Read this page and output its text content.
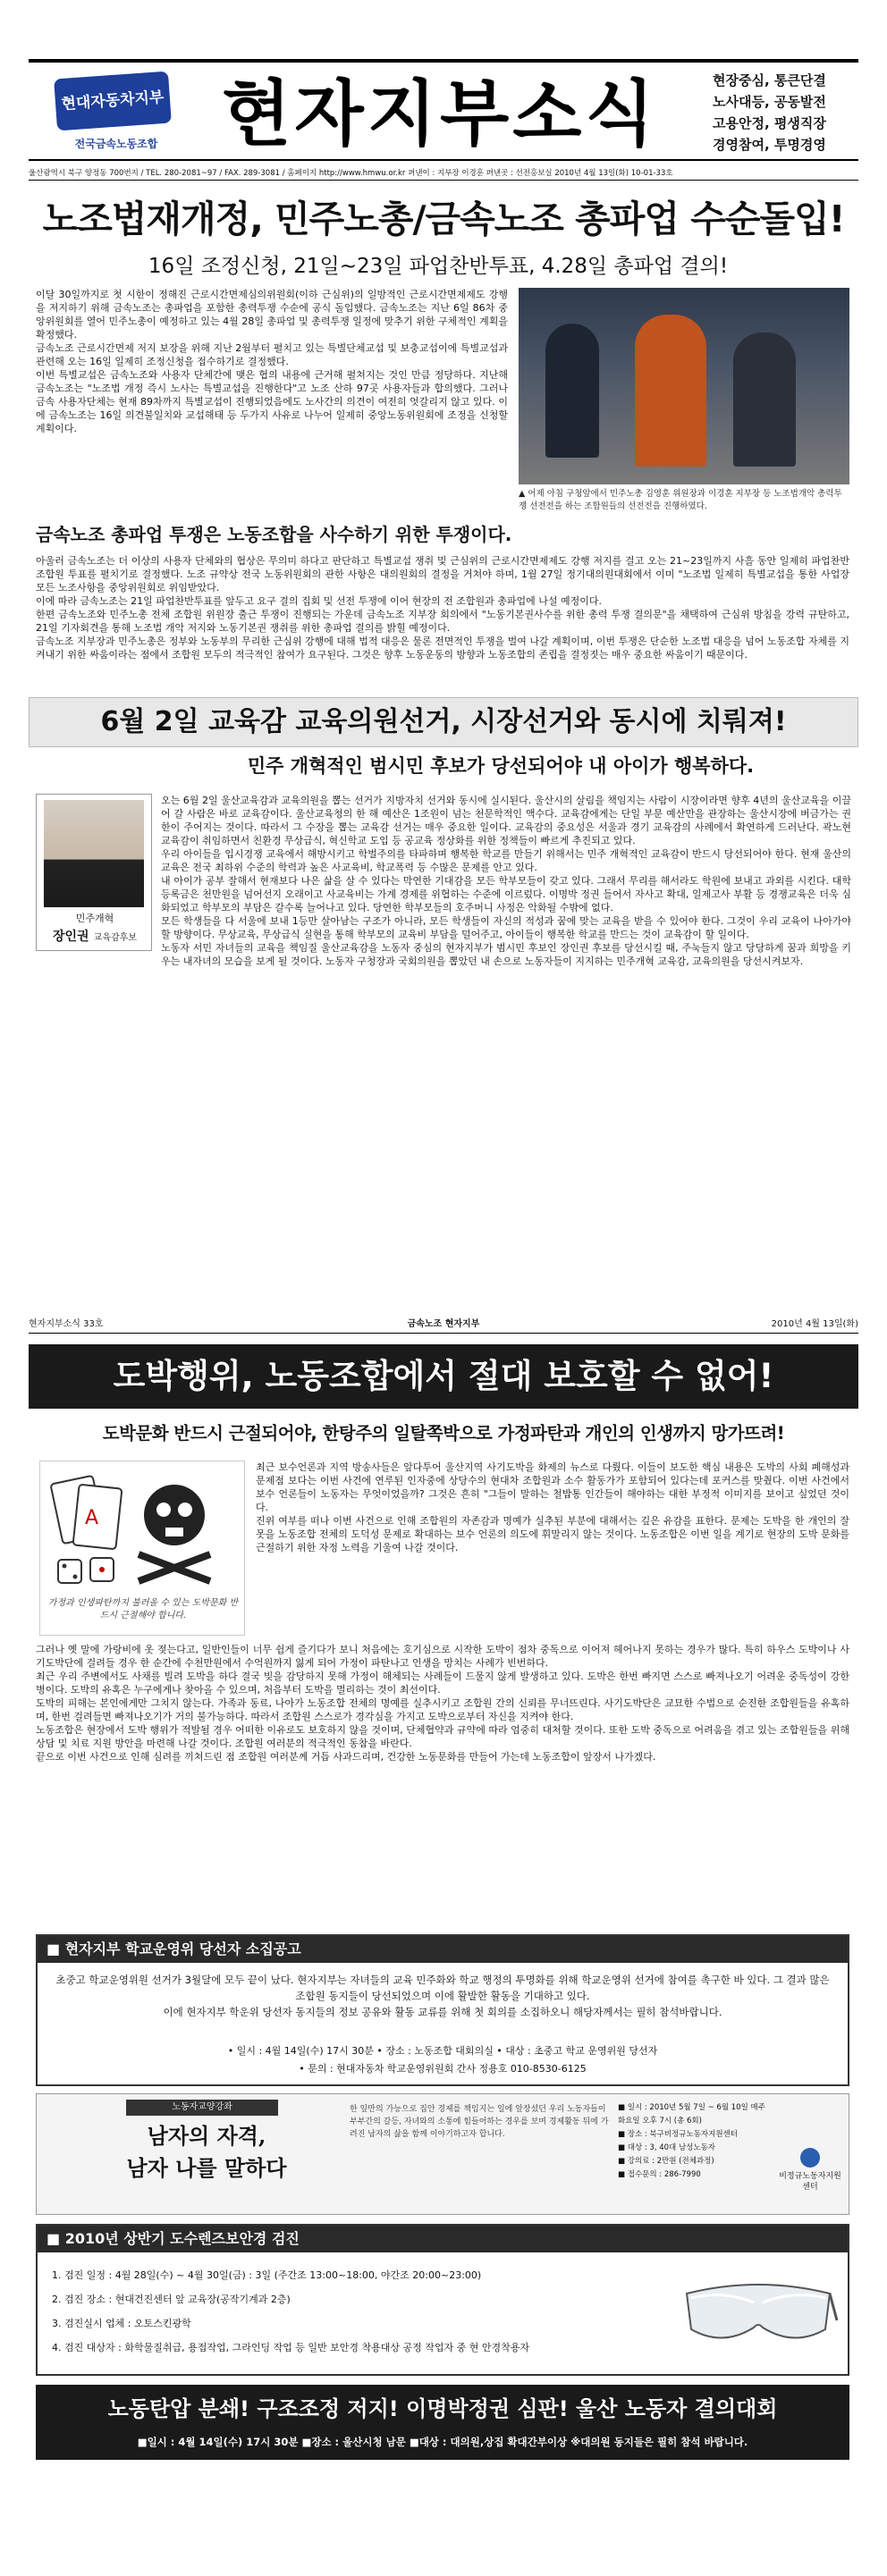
현대자동차지부
전국금속노동조합 현자지부소식	현장중심, 통큰단결
노사대등, 공동발전
고용안정, 평생직장
경영참여, 투명경영
울산광역시 북구 양정동 700번지 / TEL. 280-2081~97 / FAX. 289-3081 / 홈페이지 http://www.hmwu.or.kr 펴낸이 : 지부장 이경훈 펴낸곳 : 선전홍보실 2010년 4월 13일(화) 10-01-33호
노조법재개정, 민주노총/금속노조 총파업 수순돌입!
16일 조정신청, 21일~23일 파업찬반투표, 4.28일 총파업 결의!

이달 30일까지로 첫 시한이 정해진 근로시간면제심의위원회(이하 근심위)의 일방적인 근로시간면제제도 강행을 저지하기 위해 금속노조는 총파업을 포함한 총력투쟁 수순에 공식 돌입했다. 금속노조는 지난 6일 86차 중앙위원회를 열어 민주노총이 예정하고 있는 4월 28일 총파업 및 총력투쟁 일정에 맞추기 위한 구체적인 계획을 확정했다.
금속노조 근로시간면제 저지 보장을 위해 지난 2월부터 펼치고 있는 특별단체교섭 및 보충교섭이에 특별교섭과 관련해 오는 16일 일제히 조정신청을 접수하기로 결정했다.
이번 특별교섭은 금속노조와 사용자 단체간에 맺은 협의 내용에 근거해 펼쳐지는 것인 만큼 정당하다. 지난해 금속노조는 "노조법 개정 즉시 노사는 특별교섭을 진행한다"고 노조 산하 97곳 사용자들과 합의했다. 그러나 금속 사용자단체는 현재 89차까지 특별교섭이 진행되었음에도 노사간의 의견이 여전히 엇갈리지 않고 있다. 이에 금속노조는 16일 의견불일치와 교섭해태 등 두가지 사유로 나누어 일제히 중앙노동위원회에 조정을 신청할 계획이다.

▲ 어제 아침 구청앞에서 민주노총 김영훈 위원장과 이경훈 지부장 등 노조법개악 총력투쟁 선전전을 하는 조합원들의 선전전을 진행하였다.
금속노조 총파업 투쟁은 노동조합을 사수하기 위한 투쟁이다.

아울러 금속노조는 더 이상의 사용자 단체와의 협상은 무의미 하다고 판단하고 특별교섭 쟁취 및 근심위의 근로시간면제제도 강행 저지를 걸고 오는 21~23일까지 사흘 동안 일제히 파업찬반 조합원 투표를 펼치기로 결정했다. 노조 규약상 전국 노동위원회의 관한 사항은 대의원회의 결정을 거쳐야 하며, 1월 27일 정기대의원대회에서 이미 "노조법 일제히 특별교섭을 통한 사업장 모든 노조사항을 중앙위원회로 위임받았다.
이에 따라 금속노조는 21일 파업찬반투표를 앞두고 요구 결의 집회 및 선전 투쟁에 이어 현장의 전 조합원과 총파업에 나설 예정이다.
한편 금속노조와 민주노총 전체 조합원 위원장 출근 투쟁이 진행되는 가운데 금속노조 지부장 회의에서 "노동기본권사수를 위한 총력 투쟁 결의문"을 채택하여 근심위 방침을 강력 규탄하고, 21일 기자회견을 통해 노조법 개악 저지와 노동기본권 쟁취를 위한 총파업 결의를 밝힐 예정이다.
금속노조 지부장과 민주노총은 정부와 노동부의 무리한 근심위 강행에 대해 법적 대응은 물론 전면적인 투쟁을 벌여 나갈 계획이며, 이번 투쟁은 단순한 노조법 대응을 넘어 노동조합 자체를 지켜내기 위한 싸움이라는 점에서 조합원 모두의 적극적인 참여가 요구된다. 그것은 향후 노동운동의 방향과 노동조합의 존립을 결정짓는 매우 중요한 싸움이기 때문이다.

6월 2일 교육감 교육의원선거, 시장선거와 동시에 치뤄져!
민주 개혁적인 범시민 후보가 당선되어야 내 아이가 행복하다.
민주개혁
장인권 교육감후보

오는 6월 2일 울산교육감과 교육의원을 뽑는 선거가 지방자치 선거와 동시에 실시된다. 울산시의 살림을 책임지는 사람이 시장이라면 향후 4년의 울산교육을 이끌어 갈 사람은 바로 교육감이다. 울산교육청의 한 해 예산은 1조원이 넘는 천문학적인 액수다. 교육감에게는 단일 부문 예산만을 관장하는 울산시장에 버금가는 권한이 주어지는 것이다. 따라서 그 수장을 뽑는 교육감 선거는 매우 중요한 일이다. 교육감의 중요성은 서울과 경기 교육감의 사례에서 확연하게 드러난다. 곽노현 교육감이 취임하면서 친환경 무상급식, 혁신학교 도입 등 공교육 정상화를 위한 정책들이 빠르게 추진되고 있다.
우리 아이들을 입시경쟁 교육에서 해방시키고 학벌주의를 타파하며 행복한 학교를 만들기 위해서는 민주 개혁적인 교육감이 반드시 당선되어야 한다. 현재 울산의 교육은 전국 최하위 수준의 학력과 높은 사교육비, 학교폭력 등 수많은 문제를 안고 있다.
내 아이가 공부 잘해서 현재보다 나은 삶을 살 수 있다는 막연한 기대감을 모든 학부모들이 갖고 있다. 그래서 무리를 해서라도 학원에 보내고 과외를 시킨다. 대학 등록금은 천만원을 넘어선지 오래이고 사교육비는 가계 경제를 위협하는 수준에 이르렀다. 이명박 정권 들어서 자사고 확대, 일제고사 부활 등 경쟁교육은 더욱 심화되었고 학부모의 부담은 갈수록 늘어나고 있다. 당연한 학부모들의 호주머니 사정은 악화될 수밖에 없다.
모든 학생들을 다 서울에 보내 1등만 살아남는 구조가 아니라, 모든 학생들이 자신의 적성과 꿈에 맞는 교육을 받을 수 있어야 한다. 그것이 우리 교육이 나아가야 할 방향이다. 무상교육, 무상급식 실현을 통해 학부모의 교육비 부담을 덜어주고, 아이들이 행복한 학교를 만드는 것이 교육감이 할 일이다.
노동자 서민 자녀들의 교육을 책임질 울산교육감을 노동자 중심의 현자지부가 범시민 후보인 장인권 후보를 당선시킬 때, 주눅들지 않고 당당하게 꿈과 희망을 키우는 내자녀의 모습을 보게 될 것이다. 노동자 구청장과 국회의원을 뽑았던 내 손으로 노동자들이 지지하는 민주개혁 교육감, 교육의원을 당선시켜보자.

현자지부소식 33호	금속노조 현자지부	2010년 4월 13일(화)
도박행위, 노동조합에서 절대 보호할 수 없어!
도박문화 반드시 근절되어야, 한탕주의 일탈쪽박으로 가정파탄과 개인의 인생까지 망가뜨려!
A
가정과 인생파탄까지 불러올 수 있는 도박문화 반드시 근절해야 합니다.

최근 보수언론과 지역 방송사들은 앞다투어 울산지역 사기도박을 화제의 뉴스로 다뤘다. 이들이 보도한 핵심 내용은 도박의 사회 폐해성과 문제점 보다는 이번 사건에 연루된 인자중에 상당수의 현대차 조합원과 소수 활동가가 포함되어 있다는데 포커스를 맞췄다. 이번 사건에서 보수 언론들이 노동자는 무엇이었을까? 그것은 흔히 "그들이 말하는 철밥통 인간들이 해야하는 대한 부정적 이미지를 보이고 싶었던 것이다.
진위 여부를 떠나 이번 사건으로 인해 조합원의 자존감과 명예가 실추된 부분에 대해서는 깊은 유감을 표한다. 문제는 도박을 한 개인의 잘못을 노동조합 전체의 도덕성 문제로 확대하는 보수 언론의 의도에 휘말리지 않는 것이다. 노동조합은 이번 일을 계기로 현장의 도박 문화를 근절하기 위한 자정 노력을 기울여 나갈 것이다.

그러나 옛 말에 가랑비에 옷 젖는다고, 일반인들이 너무 쉽게 즐기다가 보니 처음에는 호기심으로 시작한 도박이 점차 중독으로 이어져 헤어나지 못하는 경우가 많다. 특히 하우스 도박이나 사기도박단에 걸려들 경우 한 순간에 수천만원에서 수억원까지 잃게 되어 가정이 파탄나고 인생을 망치는 사례가 빈번하다.
최근 우리 주변에서도 사채를 빌려 도박을 하다 결국 빚을 감당하지 못해 가정이 해체되는 사례들이 드물지 않게 발생하고 있다. 도박은 한번 빠지면 스스로 빠져나오기 어려운 중독성이 강한 병이다. 도박의 유혹은 누구에게나 찾아올 수 있으며, 처음부터 도박을 멀리하는 것이 최선이다.
도박의 피해는 본인에게만 그치지 않는다. 가족과 동료, 나아가 노동조합 전체의 명예를 실추시키고 조합원 간의 신뢰를 무너뜨린다. 사기도박단은 교묘한 수법으로 순진한 조합원들을 유혹하며, 한번 걸려들면 빠져나오기가 거의 불가능하다. 따라서 조합원 스스로가 경각심을 가지고 도박으로부터 자신을 지켜야 한다.
노동조합은 현장에서 도박 행위가 적발될 경우 어떠한 이유로도 보호하지 않을 것이며, 단체협약과 규약에 따라 엄중히 대처할 것이다. 또한 도박 중독으로 어려움을 겪고 있는 조합원들을 위해 상담 및 치료 지원 방안을 마련해 나갈 것이다. 조합원 여러분의 적극적인 동참을 바란다.
끝으로 이번 사건으로 인해 심려를 끼쳐드린 점 조합원 여러분께 거듭 사과드리며, 건강한 노동문화를 만들어 가는데 노동조합이 앞장서 나가겠다.

■ 현자지부 학교운영위 당선자 소집공고

초중고 학교운영위원 선거가 3월달에 모두 끝이 났다. 현자지부는 자녀들의 교육 민주화와 학교 행정의 투명화를 위해 학교운영위 선거에 참여를 촉구한 바 있다. 그 결과 많은 조합원 동지들이 당선되었으며 이에 활발한 활동을 기대하고 있다.
이에 현자지부 학운위 당선자 동지들의 정보 공유와 활동 교류를 위해 첫 회의를 소집하오니 해당자께서는 필히 참석바랍니다.

• 일시 : 4월 14일(수) 17시 30분 • 장소 : 노동조합 대회의실 • 대상 : 초중고 학교 운영위원 당선자
• 문의 : 현대자동차 학교운영위원회 간사 정용호 010-8530-6125
노동자교양강좌
남자의 자격,
남자 나를 말하다

한 잎만의 가능으로 집안 경제를 책임지는 일에 앞장섰던 우리 노동자들이 부부간의 갈등, 자녀와의 소통에 힘들어하는 경우를 보며 경제활동 뒤에 가려진 남자의 삶을 함께 이야기하고자 합니다.

■ 일시 : 2010년 5월 7일 ~ 6월 10일 매주 화요일 오후 7시 (총 6회)
■ 장소 : 북구비정규노동자지원센터
■ 대상 : 3, 40대 남성노동자
■ 강의료 : 2만원 (전체과정)
■ 접수문의 : 286-7990	비정규노동자지원센터
■ 2010년 상반기 도수렌즈보안경 검진
1. 검진 일정 : 4월 28일(수) ~ 4월 30일(금) : 3일 (주간조 13:00~18:00, 야간조 20:00~23:00)
2. 검진 장소 : 현대건진센터 앞 교육장(공작기계과 2층)
3. 검진실시 업체 : 오토스킨광학
4. 검진 대상자 : 화학물질취급, 용접작업, 그라인딩 작업 등 일반 보안경 착용대상 공정 작업자 중 현 안경착용자
노동탄압 분쇄! 구조조정 저지! 이명박정권 심판! 울산 노동자 결의대회
■일시 : 4월 14일(수) 17시 30분 ■장소 : 울산시청 남문 ■대상 : 대의원,상집 확대간부이상 ※대의원 동지들은 필히 참석 바랍니다.
